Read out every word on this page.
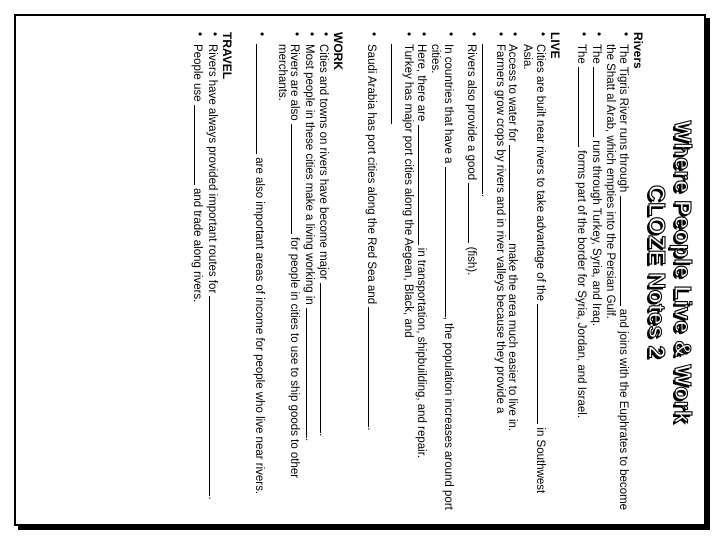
Where People Live & Work
CLOZE Notes 2
Rivers
• The Tigris River runs through  and joins with the Euphrates to become the Shatt al Arab, which empties into the Persian Gulf.
• The  runs through Turkey, Syria, and Iraq.
• The  forms part of the border for Syria, Jordan, and Israel.
LIVE
• Cities are built near rivers to take advantage of the  in Southwest Asia.
• Access to water for  make the area much easier to live in.
• Farmers grow crops by rivers and in river valleys because they provide a
.
• Rivers also provide a good  (fish).
• In countries that have a , the population increases around port cities.
• Here, there are  in transportation, shipbuilding, and repair.
• Turkey has major port cities along the Aegean, Black, and

• Saudi Arabia has port cities along the Red Sea and .
WORK
• Cities and towns on rivers have become major .
• Most people in these cities make a living working in .
• Rivers are also  for people in cities to use to ship goods to other merchants.
• are also important areas of income for people who live near rivers.
TRAVEL
• Rivers have always provided important routes for .
• People use  and trade along rivers.
